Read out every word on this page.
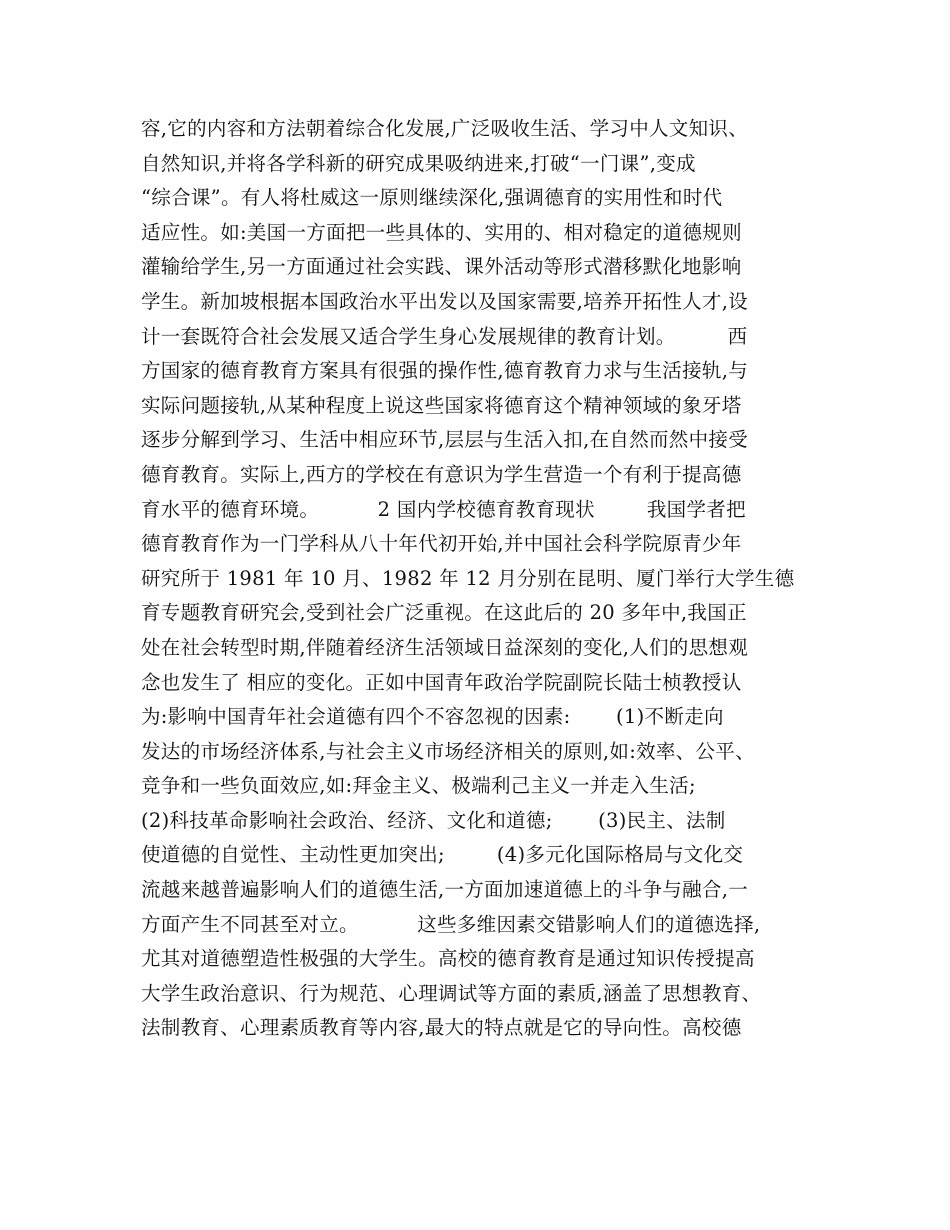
容,它的内容和方法朝着综合化发展,广泛吸收生活、学习中人文知识、
自然知识,并将各学科新的研究成果吸纳进来,打破“一门课”,变成
“综合课”。有人将杜威这一原则继续深化,强调德育的实用性和时代
适应性。如:美国一方面把一些具体的、实用的、相对稳定的道德规则
灌输给学生,另一方面通过社会实践、课外活动等形式潜移默化地影响
学生。新加坡根据本国政治水平出发以及国家需要,培养开拓性人才,设
计一套既符合社会发展又适合学生身心发展规律的教育计划。        西
方国家的德育教育方案具有很强的操作性,德育教育力求与生活接轨,与
实际问题接轨,从某种程度上说这些国家将德育这个精神领域的象牙塔
逐步分解到学习、生活中相应环节,层层与生活入扣,在自然而然中接受
德育教育。实际上,西方的学校在有意识为学生营造一个有利于提高德
育水平的德育环境。         2 国内学校德育教育现状        我国学者把
德育教育作为一门学科从八十年代初开始,并中国社会科学院原青少年
研究所于 1981 年 10 月、1982 年 12 月分别在昆明、厦门举行大学生德
育专题教育研究会,受到社会广泛重视。在这此后的 20 多年中,我国正
处在社会转型时期,伴随着经济生活领域日益深刻的变化,人们的思想观
念也发生了 相应的变化。正如中国青年政治学院副院长陆士桢教授认
为:影响中国青年社会道德有四个不容忽视的因素:       (1)不断走向
发达的市场经济体系,与社会主义市场经济相关的原则,如:效率、公平、
竞争和一些负面效应,如:拜金主义、极端利己主义一并走入生活;
(2)科技革命影响社会政治、经济、文化和道德;       (3)民主、法制
使道德的自觉性、主动性更加突出;        (4)多元化国际格局与文化交
流越来越普遍影响人们的道德生活,一方面加速道德上的斗争与融合,一
方面产生不同甚至对立。         这些多维因素交错影响人们的道德选择,
尤其对道德塑造性极强的大学生。高校的德育教育是通过知识传授提高
大学生政治意识、行为规范、心理调试等方面的素质,涵盖了思想教育、
法制教育、心理素质教育等内容,最大的特点就是它的导向性。高校德
